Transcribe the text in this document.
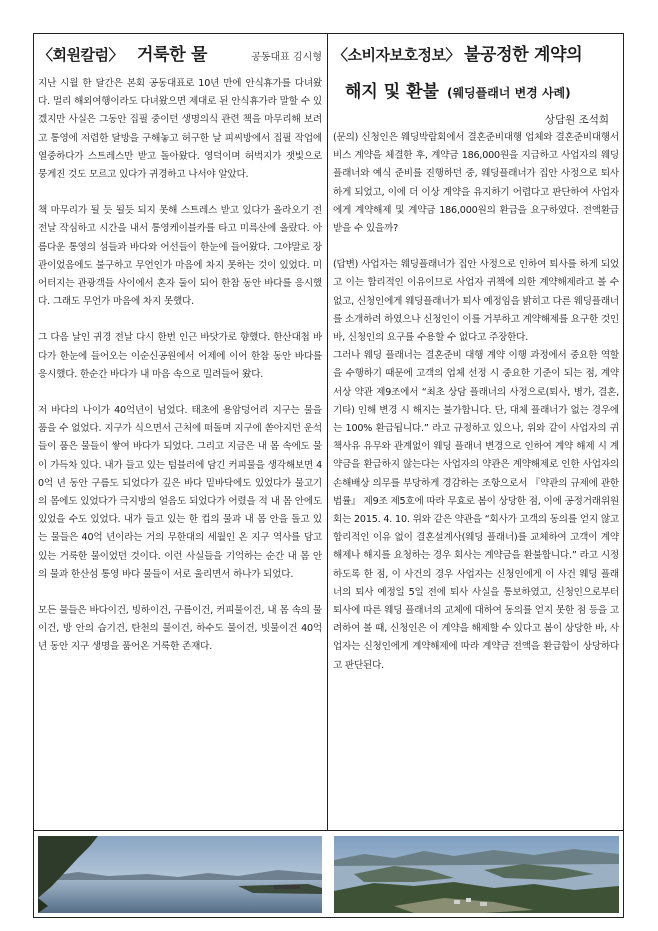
〈회원칼럼〉 거룩한 물	공동대표 김시형

지난 시월 한 달간은 본회 공동대표로 10년 만에 안식휴가를 다녀왔다. 멀리 해외여행이라도 다녀왔으면 제대로 된 안식휴가라 말할 수 있겠지만 사실은 그동안 집필 중이던 생명의식 관련 책을 마무리해 보려고 통영에 저렴한 달방을 구해놓고 허구한 날 피씨방에서 집필 작업에 열중하다가 스트레스만 받고 돌아왔다. 영덕이며 허벅지가 잿빛으로 뭉게진 것도 모르고 있다가 귀경하고 나서야 알았다.

책 마무리가 될 듯 될듯 되지 못해 스트레스 받고 있다가 올라오기 전전날 작심하고 시간을 내서 통영케이블카를 타고 미륵산에 올랐다. 아름다운 통영의 섬들과 바다와 어선들이 한눈에 들어왔다. 그야말로 장관이었음에도 불구하고 무언인가 마음에 차지 못하는 것이 있었다. 미어터지는 관광객들 사이에서 혼자 둘이 되어 한참 동안 바다를 응시했다. 그래도 무언가 마음에 차지 못했다.

그 다음 날인 귀경 전날 다시 한번 인근 바닷가로 향했다. 한산대첩 바다가 한눈에 들어오는 이순신공원에서 어제에 이어 한참 동안 바다를 응시했다. 한순간 바다가 내 마음 속으로 밀려들어 왔다.

저 바다의 나이가 40억년이 넘었다. 태초에 용암덩어리 지구는 물을 품을 수 없었다. 지구가 식으면서 근처에 떠돌며 지구에 쏟아지던 운석들이 품은 물들이 쌓여 바다가 되었다. 그리고 지금은 내 몸 속에도 물이 가득차 있다. 내가 들고 있는 텀블러에 담긴 커피물을 생각해보면 40억 년 동안 구름도 되었다가 깊은 바다 밑바닥에도 있었다가 물고기의 몸에도 있었다가 극지방의 얼음도 되었다가 어렸을 적 내 몸 안에도 있었을 수도 있었다. 내가 들고 있는 한 컵의 물과 내 몸 안을 돌고 있는 물들은 40억 년이라는 거의 무한대의 세월인 온 지구 역사를 담고 있는 거룩한 물이었던 것이다. 이런 사실들을 기억하는 순간 내 몸 안의 물과 한산섬 통영 바다 물들이 서로 울리면서 하나가 되었다.

모든 물들은 바다이건, 빙하이건, 구름이건, 커피물이건, 내 몸 속의 물이건, 방 안의 습기건, 탄천의 물이건, 하수도 물이건, 빗물이건 40억 년 동안 지구 생명을 품어온 거룩한 존재다.

〈소비자보호정보〉 불공정한 계약의
해지 및 환불 (웨딩플래너 변경 사례)
상담원 조석희

(문의) 신청인은 웨딩박람회에서 결혼준비대행 업체와 결혼준비대행서비스 계약을 체결한 후, 계약금 186,000원을 지급하고 사업자의 웨딩플래너와 예식 준비를 진행하던 중, 웨딩플래너가 집안 사정으로 퇴사하게 되었고, 이에 더 이상 계약을 유지하기 어렵다고 판단하여 사업자에게 계약해제 및 계약금 186,000원의 환급을 요구하였다. 전액환급 받을 수 있을까?

(답변) 사업자는 웨딩플래너가 집안 사정으로 인하여 퇴사를 하게 되었고 이는 합리적인 이유이므로 사업자 귀책에 의한 계약해제라고 볼 수 없고, 신청인에게 웨딩플래너가 퇴사 예정임을 밝히고 다른 웨딩플래너를 소개하려 하였으나 신청인이 이를 거부하고 계약해제를 요구한 것인바, 신청인의 요구를 수용할 수 없다고 주장한다.

그러나 웨딩 플래너는 결혼준비 대행 계약 이행 과정에서 중요한 역할을 수행하기 때문에 고객의 업체 선정 시 중요한 기준이 되는 점, 계약서상 약관 제9조에서 “최초 상담 플래너의 사정으로(퇴사, 병가, 결혼, 기타) 인해 변경 시 해지는 불가합니다. 단, 대체 플래너가 없는 경우에는 100% 환급됩니다.” 라고 규정하고 있으나, 위와 같이 사업자의 귀책사유 유무와 관계없이 웨딩 플래너 변경으로 인하여 계약 해제 시 계약금을 환급하지 않는다는 사업자의 약관은 계약해제로 인한 사업자의 손해배상 의무를 부당하게 경감하는 조항으로서 『약관의 규제에 관한 법률』 제9조 제5호에 따라 무효로 봄이 상당한 점, 이에 공정거래위원회는 2015. 4. 10. 위와 같은 약관을 “회사가 고객의 동의를 얻지 않고 합리적인 이유 없이 결혼설계사(웨딩 플래너)를 교체하여 고객이 계약해제나 해지를 요청하는 경우 회사는 계약금을 환불합니다.” 라고 시정하도록 한 점, 이 사건의 경우 사업자는 신청인에게 이 사건 웨딩 플래너의 퇴사 예정일 5일 전에 퇴사 사실을 통보하였고, 신청인으로부터 퇴사에 따른 웨딩 플래너의 교체에 대하여 동의를 얻지 못한 점 등을 고려하여 볼 때, 신청인은 이 계약을 해제할 수 있다고 봄이 상당한 바, 사업자는 신청인에게 계약해제에 따라 계약금 전액을 환급함이 상당하다고 판단된다.
